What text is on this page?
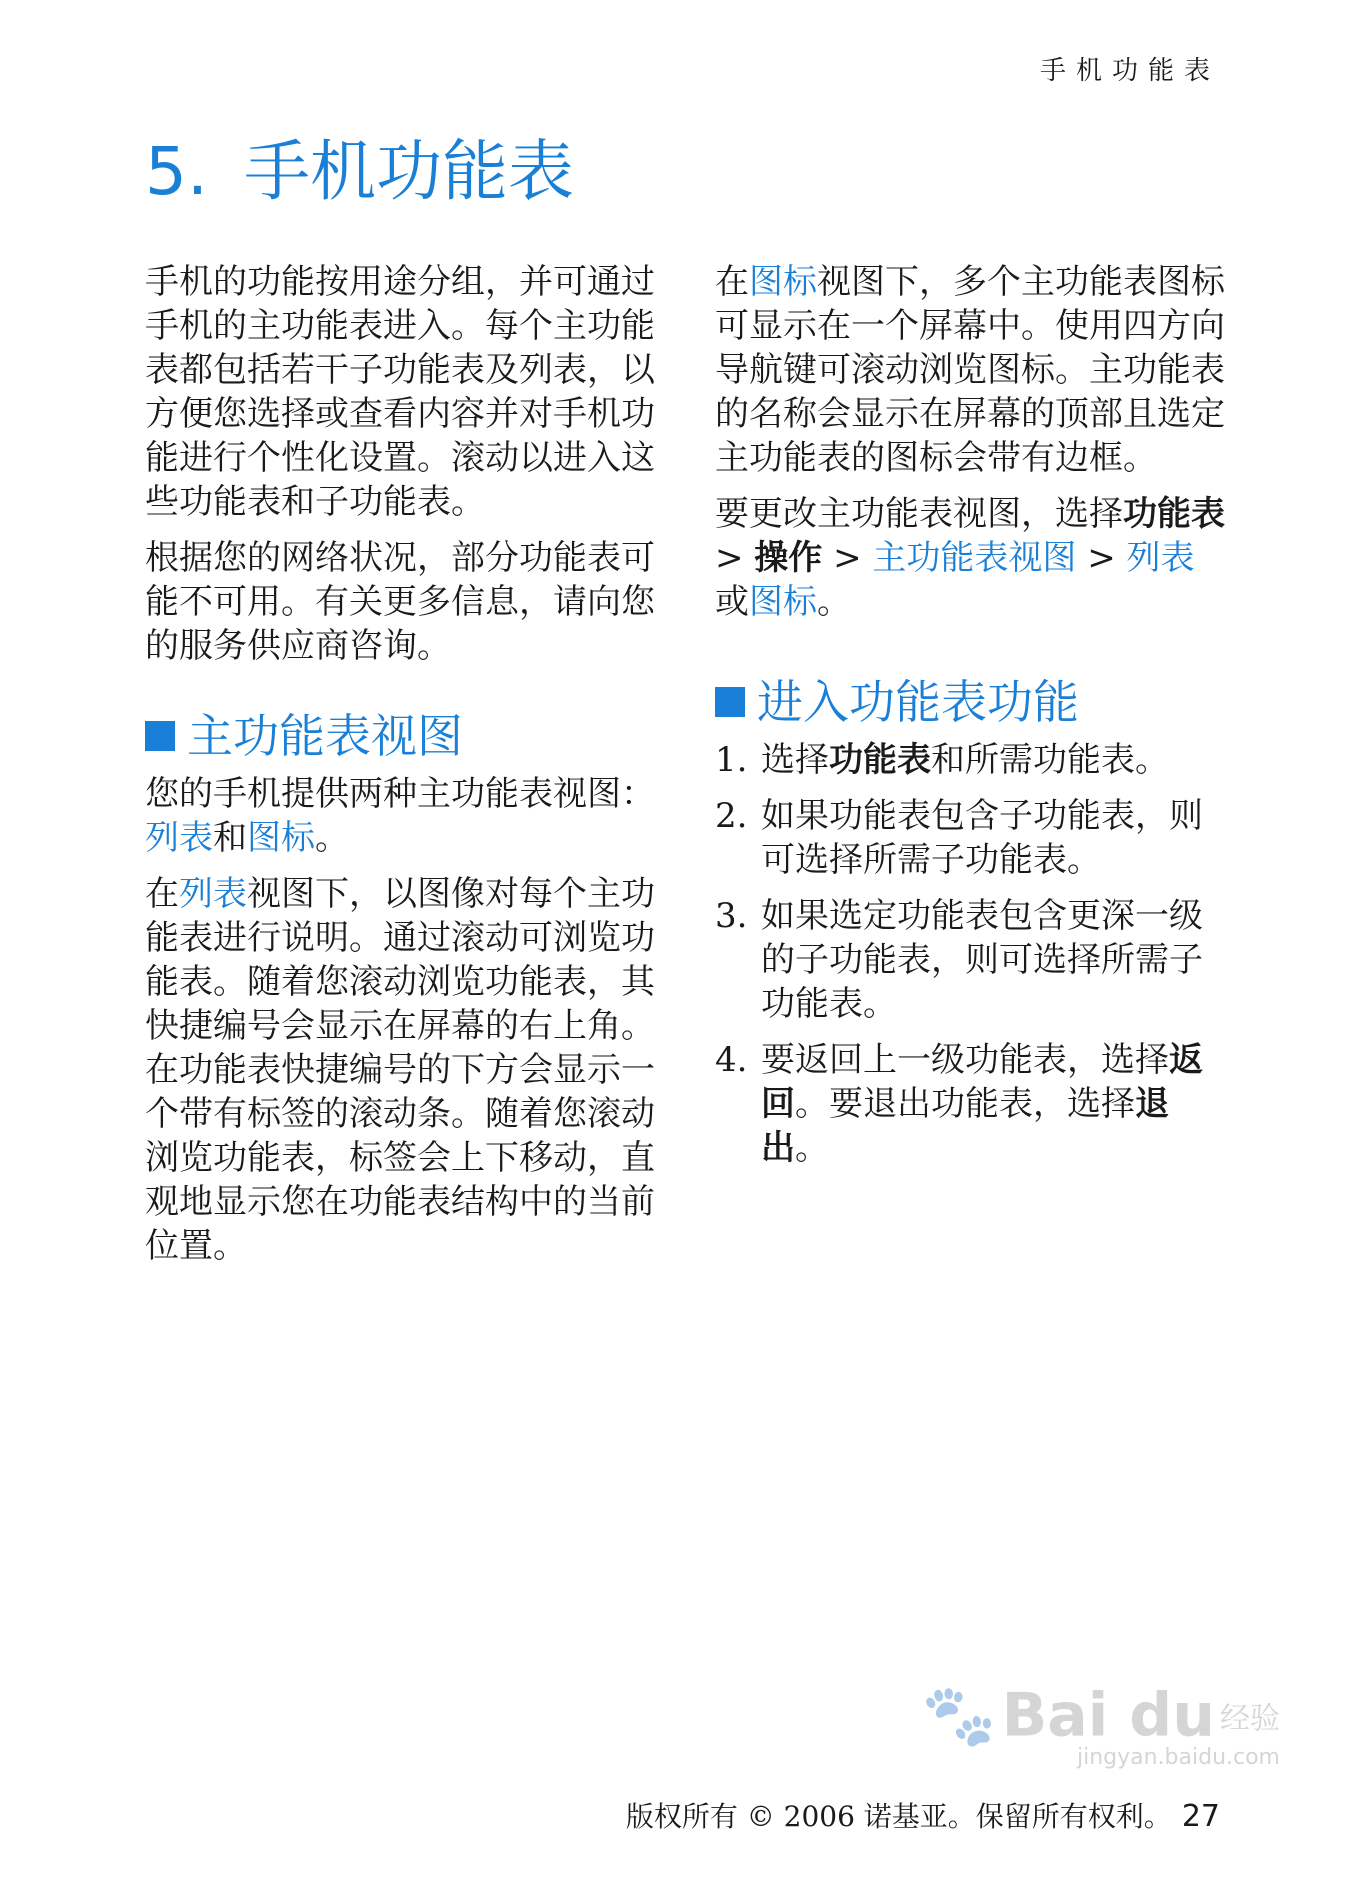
手机功能表
5. 手机功能表

手机的功能按用途分组，并可通过手机的主功能表进入。每个主功能表都包括若干子功能表及列表，以方便您选择或查看内容并对手机功能进行个性化设置。滚动以进入这些功能表和子功能表。

根据您的网络状况，部分功能表可能不可用。有关更多信息，请向您的服务供应商咨询。

主功能表视图

您的手机提供两种主功能表视图：列表和图标。

在列表视图下，以图像对每个主功能表进行说明。通过滚动可浏览功能表。随着您滚动浏览功能表，其快捷编号会显示在屏幕的右上角。在功能表快捷编号的下方会显示一个带有标签的滚动条。随着您滚动浏览功能表，标签会上下移动，直观地显示您在功能表结构中的当前位置。

在图标视图下，多个主功能表图标可显示在一个屏幕中。使用四方向导航键可滚动浏览图标。主功能表的名称会显示在屏幕的顶部且选定主功能表的图标会带有边框。

要更改主功能表视图，选择功能表 > 操作 > 主功能表视图 > 列表或图标。

进入功能表功能
1. 选择功能表和所需功能表。
2. 如果功能表包含子功能表，则可选择所需子功能表。
3. 如果选定功能表包含更深一级的子功能表，则可选择所需子功能表。
4. 要返回上一级功能表，选择返回。要退出功能表，选择退出。
🐾 Bai du 经验
jingyan.baidu.com
版权所有 © 2006 诺基亚。保留所有权利。 27
